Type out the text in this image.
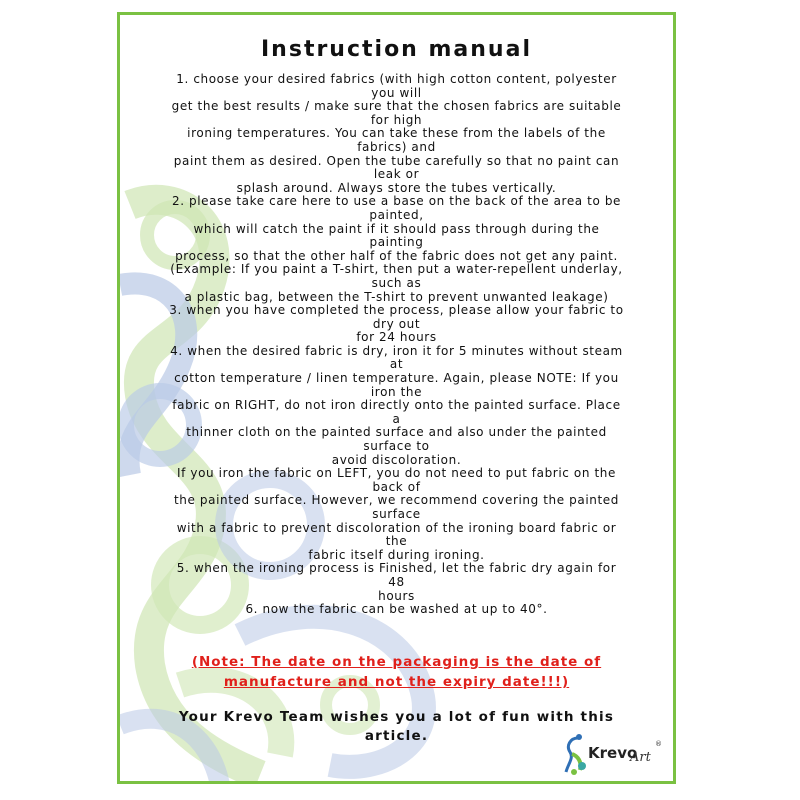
Instruction manual
1. choose your desired fabrics (with high cotton content, polyester
you will
get the best results / make sure that the chosen fabrics are suitable
for high
ironing temperatures. You can take these from the labels of the
fabrics) and
paint them as desired. Open the tube carefully so that no paint can
leak or
splash around. Always store the tubes vertically.
2. please take care here to use a base on the back of the area to be
painted,
which will catch the paint if it should pass through during the
painting
process, so that the other half of the fabric does not get any paint.
(Example: If you paint a T-shirt, then put a water-repellent underlay,
such as
a plastic bag, between the T-shirt to prevent unwanted leakage)
3. when you have completed the process, please allow your fabric to
dry out
for 24 hours
4. when the desired fabric is dry, iron it for 5 minutes without steam
at
cotton temperature / linen temperature. Again, please NOTE: If you
iron the
fabric on RIGHT, do not iron directly onto the painted surface. Place
a
thinner cloth on the painted surface and also under the painted
surface to
avoid discoloration.
If you iron the fabric on LEFT, you do not need to put fabric on the
back of
the painted surface. However, we recommend covering the painted
surface
with a fabric to prevent discoloration of the ironing board fabric or
the
fabric itself during ironing.
5. when the ironing process is Finished, let the fabric dry again for
48
hours
6. now the fabric can be washed at up to 40°.
(Note: The date on the packaging is the date of
manufacture and not the expiry date!!!)
Your Krevo Team wishes you a lot of fun with this article.
Krevo
Art
®
